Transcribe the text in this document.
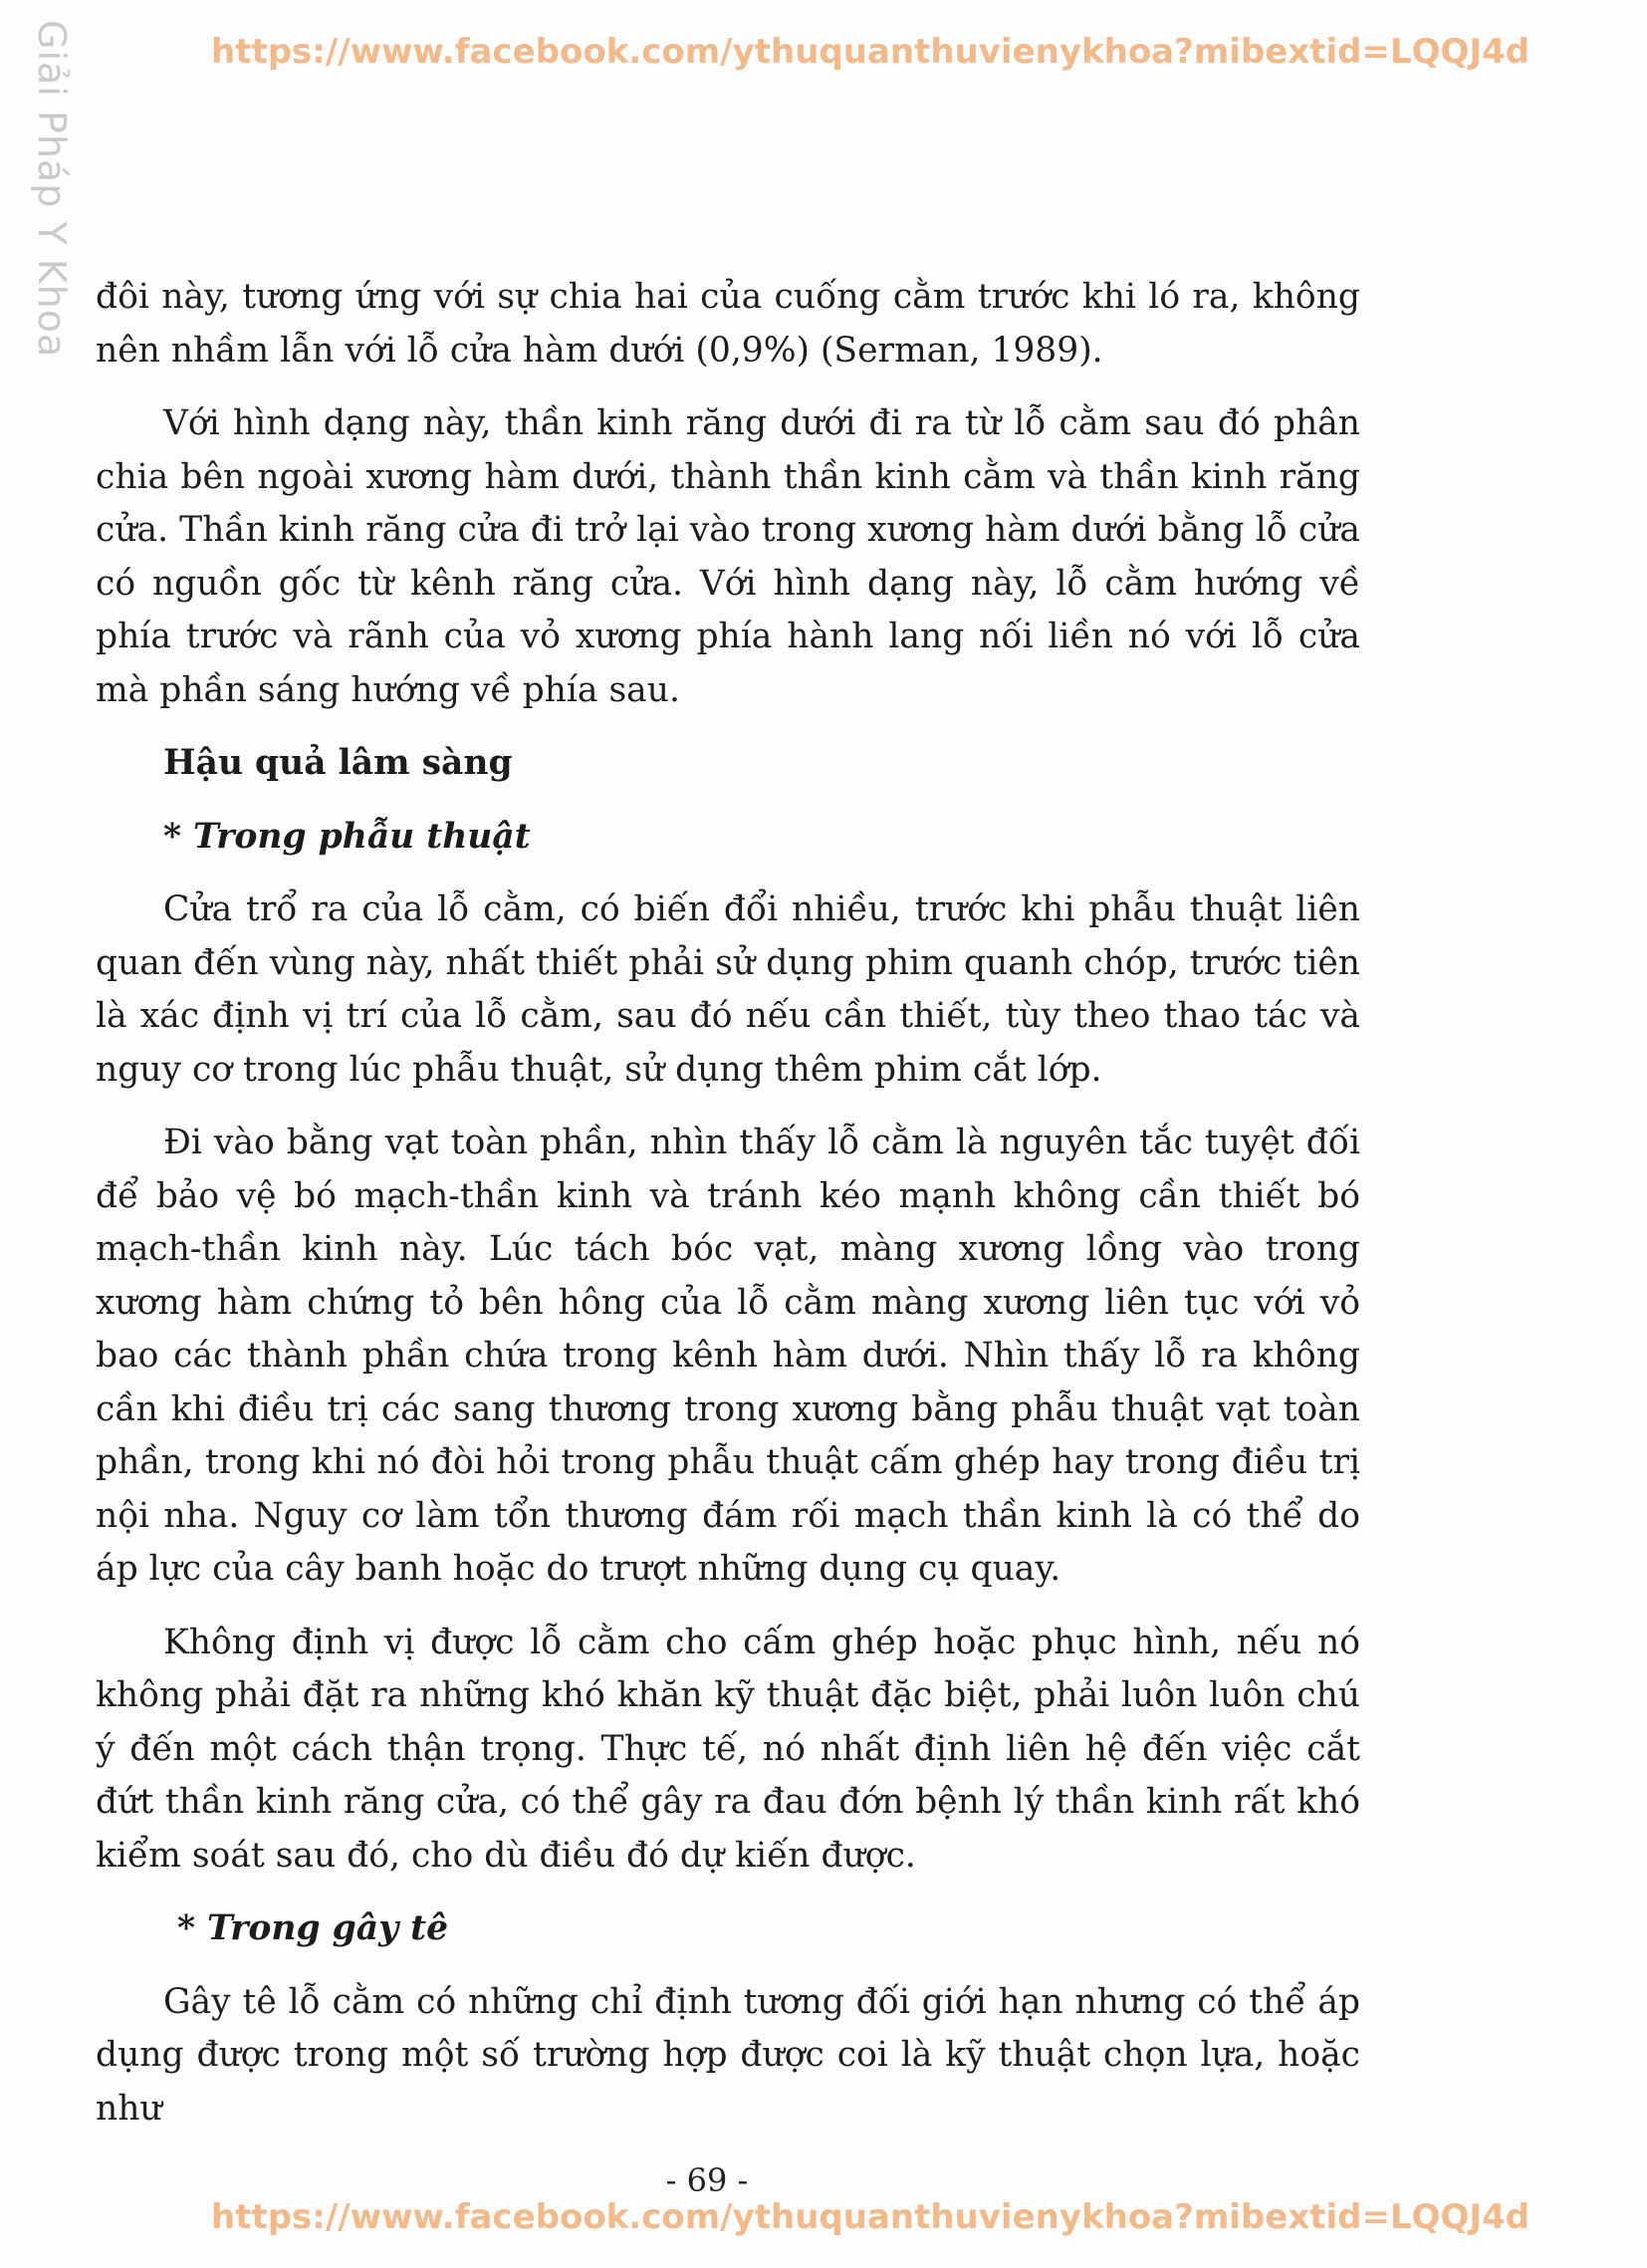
Giải Pháp Y Khoa	https://www.facebook.com/ythuquanthuvienykhoa?mibextid=LQQJ4d

đôi này, tương ứng với sự chia hai của cuống cằm trước khi ló ra, không nên nhầm lẫn với lỗ cửa hàm dưới (0,9%) (Serman, 1989).

Với hình dạng này, thần kinh răng dưới đi ra từ lỗ cằm sau đó phân chia bên ngoài xương hàm dưới, thành thần kinh cằm và thần kinh răng cửa. Thần kinh răng cửa đi trở lại vào trong xương hàm dưới bằng lỗ cửa có nguồn gốc từ kênh răng cửa. Với hình dạng này, lỗ cằm hướng về phía trước và rãnh của vỏ xương phía hành lang nối liền nó với lỗ cửa mà phần sáng hướng về phía sau.

Hậu quả lâm sàng
* Trong phẫu thuật

Cửa trổ ra của lỗ cằm, có biến đổi nhiều, trước khi phẫu thuật liên quan đến vùng này, nhất thiết phải sử dụng phim quanh chóp, trước tiên là xác định vị trí của lỗ cằm, sau đó nếu cần thiết, tùy theo thao tác và nguy cơ trong lúc phẫu thuật, sử dụng thêm phim cắt lớp.

Đi vào bằng vạt toàn phần, nhìn thấy lỗ cằm là nguyên tắc tuyệt đối để bảo vệ bó mạch-thần kinh và tránh kéo mạnh không cần thiết bó mạch-thần kinh này. Lúc tách bóc vạt, màng xương lồng vào trong xương hàm chứng tỏ bên hông của lỗ cằm màng xương liên tục với vỏ bao các thành phần chứa trong kênh hàm dưới. Nhìn thấy lỗ ra không cần khi điều trị các sang thương trong xương bằng phẫu thuật vạt toàn phần, trong khi nó đòi hỏi trong phẫu thuật cấm ghép hay trong điều trị nội nha. Nguy cơ làm tổn thương đám rối mạch thần kinh là có thể do áp lực của cây banh hoặc do trượt những dụng cụ quay.

Không định vị được lỗ cằm cho cấm ghép hoặc phục hình, nếu nó không phải đặt ra những khó khăn kỹ thuật đặc biệt, phải luôn luôn chú ý đến một cách thận trọng. Thực tế, nó nhất định liên hệ đến việc cắt đứt thần kinh răng cửa, có thể gây ra đau đớn bệnh lý thần kinh rất khó kiểm soát sau đó, cho dù điều đó dự kiến được.

* Trong gây tê

Gây tê lỗ cằm có những chỉ định tương đối giới hạn nhưng có thể áp dụng được trong một số trường hợp được coi là kỹ thuật chọn lựa, hoặc như

- 69 -
https://www.facebook.com/ythuquanthuvienykhoa?mibextid=LQQJ4d
